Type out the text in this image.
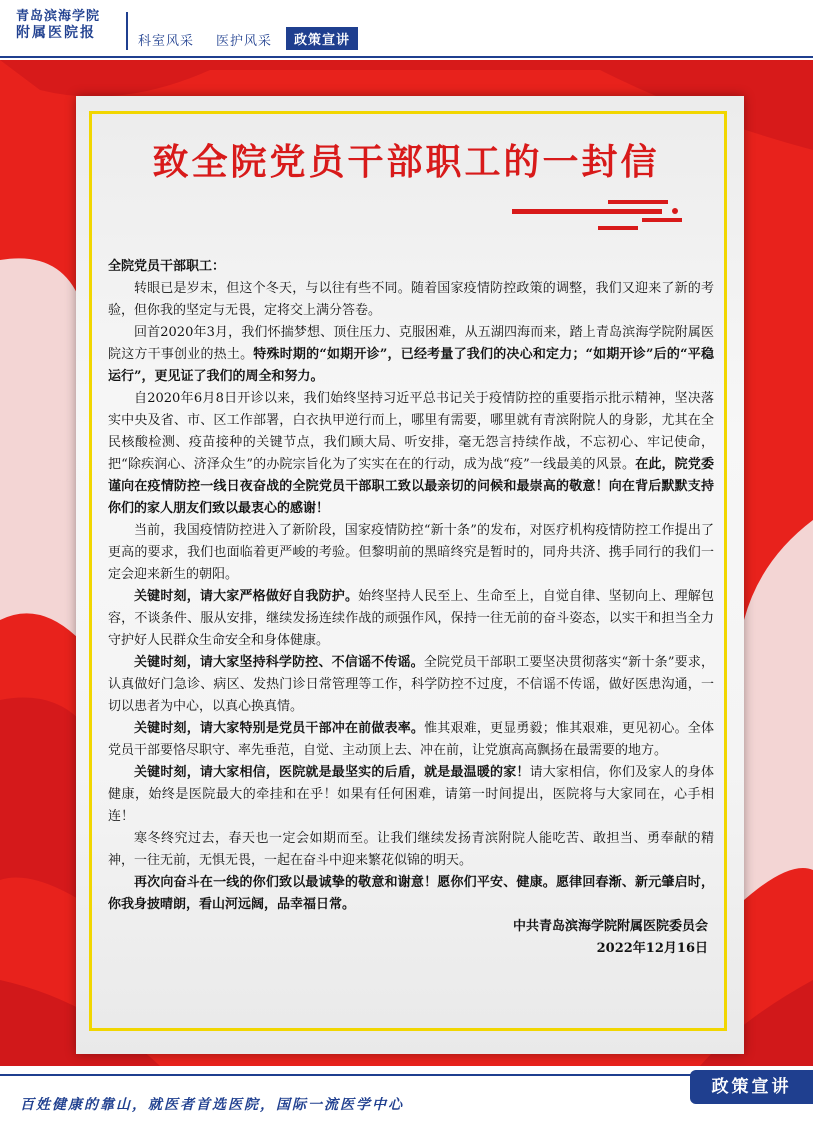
青岛滨海学院
附属医院报
科室风采 医护风采	政策宣讲
致全院党员干部职工的一封信

全院党员干部职工：

转眼已是岁末，但这个冬天，与以往有些不同。随着国家疫情防控政策的调整，我们又迎来了新的考验，但你我的坚定与无畏，定将交上满分答卷。

回首2020年3月，我们怀揣梦想、顶住压力、克服困难，从五湖四海而来，踏上青岛滨海学院附属医院这方干事创业的热土。特殊时期的“如期开诊”，已经考量了我们的决心和定力；“如期开诊”后的“平稳运行”，更见证了我们的周全和努力。

自2020年6月8日开诊以来，我们始终坚持习近平总书记关于疫情防控的重要指示批示精神，坚决落实中央及省、市、区工作部署，白衣执甲逆行而上，哪里有需要，哪里就有青滨附院人的身影，尤其在全民核酸检测、疫苗接种的关键节点，我们顾大局、听安排，毫无怨言持续作战，不忘初心、牢记使命，把“除疾润心、济泽众生”的办院宗旨化为了实实在在的行动，成为战“疫”一线最美的风景。在此，院党委谨向在疫情防控一线日夜奋战的全院党员干部职工致以最亲切的问候和最崇高的敬意！向在背后默默支持你们的家人朋友们致以最衷心的感谢！

当前，我国疫情防控进入了新阶段，国家疫情防控“新十条”的发布，对医疗机构疫情防控工作提出了更高的要求，我们也面临着更严峻的考验。但黎明前的黑暗终究是暂时的，同舟共济、携手同行的我们一定会迎来新生的朝阳。

关键时刻，请大家严格做好自我防护。始终坚持人民至上、生命至上，自觉自律、坚韧向上、理解包容，不谈条件、服从安排，继续发扬连续作战的顽强作风，保持一往无前的奋斗姿态，以实干和担当全力守护好人民群众生命安全和身体健康。

关键时刻，请大家坚持科学防控、不信谣不传谣。全院党员干部职工要坚决贯彻落实“新十条”要求，认真做好门急诊、病区、发热门诊日常管理等工作，科学防控不过度，不信谣不传谣，做好医患沟通，一切以患者为中心，以真心换真情。

关键时刻，请大家特别是党员干部冲在前做表率。惟其艰难，更显勇毅；惟其艰难，更见初心。全体党员干部要恪尽职守、率先垂范，自觉、主动顶上去、冲在前，让党旗高高飘扬在最需要的地方。

关键时刻，请大家相信，医院就是最坚实的后盾，就是最温暖的家！请大家相信，你们及家人的身体健康，始终是医院最大的牵挂和在乎！如果有任何困难，请第一时间提出，医院将与大家同在，心手相连！

寒冬终究过去，春天也一定会如期而至。让我们继续发扬青滨附院人能吃苦、敢担当、勇奉献的精神，一往无前，无惧无畏，一起在奋斗中迎来繁花似锦的明天。

再次向奋斗在一线的你们致以最诚挚的敬意和谢意！愿你们平安、健康。愿律回春渐、新元肇启时，你我身披晴朗，看山河远阔，品幸福日常。

中共青岛滨海学院附属医院委员会

2022年12月16日

百姓健康的靠山，就医者首选医院，国际一流医学中心
政策宣讲
